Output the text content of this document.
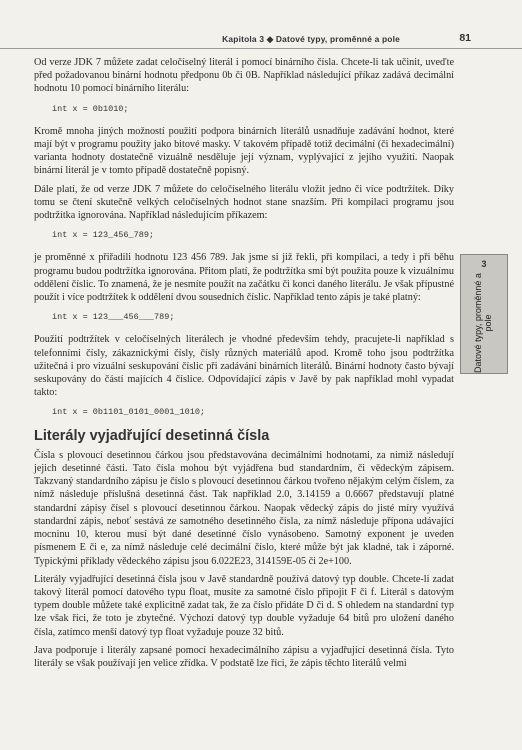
Kapitola 3 ◆ Datové typy, proměnné a pole	81
3
Datové typy, proměnné a pole

Od verze JDK 7 můžete zadat celočíselný literál i pomocí binárního čísla. Chcete-li tak učinit, uveďte před požadovanou binární hodnotu předponu 0b či 0B. Například následující příkaz zadává decimální hodnotu 10 pomocí binárního literálu:

int x = 0b1010;

Kromě mnoha jiných možností použití podpora binárních literálů usnadňuje zadávání hodnot, které mají být v programu použity jako bitové masky. V takovém případě totiž decimální (či hexadecimální) varianta hodnoty dostatečně vizuálně nesděluje její význam, vyplývající z jejího využití. Naopak binární literál je v tomto případě dostatečně popisný.

Dále platí, že od verze JDK 7 můžete do celočíselného literálu vložit jedno či více podtržítek. Díky tomu se čtení skutečně velkých celočíselných hodnot stane snazším. Při kompilaci programu jsou podtržítka ignorována. Například následujícím příkazem:

int x = 123_456_789;

je proměnné x přiřadili hodnotu 123 456 789. Jak jsme si již řekli, při kompilaci, a tedy i při běhu programu budou podtržítka ignorována. Přitom platí, že podtržítka smí být použita pouze k vizuálnímu oddělení číslic. To znamená, že je nesmíte použít na začátku či konci daného literálu. Je však přípustné použít i více podtržítek k oddělení dvou sousedních číslic. Například tento zápis je také platný:

int x = 123___456___789;

Použití podtržítek v celočíselných literálech je vhodné především tehdy, pracujete-li například s telefonními čísly, zákaznickými čísly, čísly různých materiálů apod. Kromě toho jsou podtržítka užitečná i pro vizuální seskupování číslic při zadávání binárních literálů. Binární hodnoty často bývají seskupovány do částí majících 4 číslice. Odpovídající zápis v Javě by pak například mohl vypadat takto:

int x = 0b1101_0101_0001_1010;
Literály vyjadřující desetinná čísla

Čísla s plovoucí desetinnou čárkou jsou představována decimálními hodnotami, za nimiž následují jejich desetinné části. Tato čísla mohou být vyjádřena bud standardním, či vědeckým zápisem. Takzvaný standardního zápisu je číslo s plovoucí desetinnou čárkou tvořeno nějakým celým číslem, za nímž následuje příslušná desetinná část. Tak například 2.0, 3.14159 a 0.6667 představují platné standardní zápisy čísel s plovoucí desetinnou čárkou. Naopak vědecký zápis do jisté míry využívá standardní zápis, neboť sestává ze samotného desetinného čísla, za nímž následuje přípona udávající mocninu 10, kterou musí být dané desetinné číslo vynásobeno. Samotný exponent je uveden písmenem E či e, za nímž následuje celé decimální číslo, které může být jak kladné, tak i záporné. Typickými příklady vědeckého zápisu jsou 6.022E23, 314159E-05 či 2e+100.

Literály vyjadřující desetinná čísla jsou v Javě standardně používá datový typ double. Chcete-li zadat takový literál pomocí datového typu float, musíte za samotné číslo připojit F či f. Literál s datovým typem double můžete také explicitně zadat tak, že za číslo přidáte D či d. S ohledem na standardní typ lze však říci, že toto je zbytečné. Výchozí datový typ double vyžaduje 64 bitů pro uložení daného čísla, zatímco menší datový typ float vyžaduje pouze 32 bitů.

Java podporuje i literály zapsané pomocí hexadecimálního zápisu a vyjadřující desetinná čísla. Tyto literály se však používají jen velice zřídka. V podstatě lze říci, že zápis těchto literálů velmi
